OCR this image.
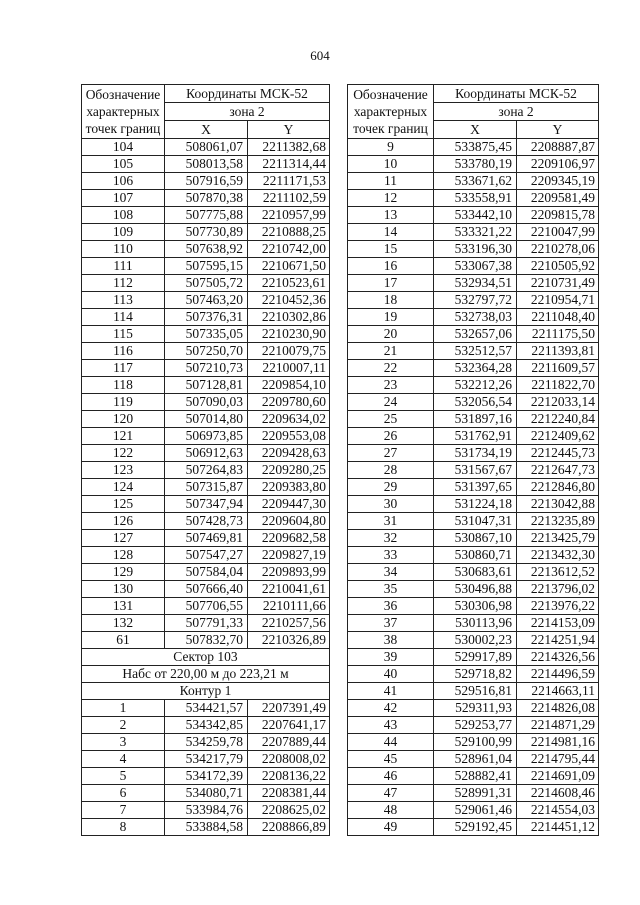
604
Обозначение
характерных
точек границ	Координаты МСК-52	
	зона 2	
	X	Y
104	508061,07	2211382,68
105	508013,58	2211314,44
106	507916,59	2211171,53
107	507870,38	2211102,59
108	507775,88	2210957,99
109	507730,89	2210888,25
110	507638,92	2210742,00
111	507595,15	2210671,50
112	507505,72	2210523,61
113	507463,20	2210452,36
114	507376,31	2210302,86
115	507335,05	2210230,90
116	507250,70	2210079,75
117	507210,73	2210007,11
118	507128,81	2209854,10
119	507090,03	2209780,60
120	507014,80	2209634,02
121	506973,85	2209553,08
122	506912,63	2209428,63
123	507264,83	2209280,25
124	507315,87	2209383,80
125	507347,94	2209447,30
126	507428,73	2209604,80
127	507469,81	2209682,58
128	507547,27	2209827,19
129	507584,04	2209893,99
130	507666,40	2210041,61
131	507706,55	2210111,66
132	507791,33	2210257,56
61	507832,70	2210326,89
Сектор 103		
Набс от 220,00 м до 223,21 м		
Контур 1		
1	534421,57	2207391,49
2	534342,85	2207641,17
3	534259,78	2207889,44
4	534217,79	2208008,02
5	534172,39	2208136,22
6	534080,71	2208381,44
7	533984,76	2208625,02
8	533884,58	2208866,89
Обозначение
характерных
точек границ	Координаты МСК-52	
	зона 2	
	X	Y
9	533875,45	2208887,87
10	533780,19	2209106,97
11	533671,62	2209345,19
12	533558,91	2209581,49
13	533442,10	2209815,78
14	533321,22	2210047,99
15	533196,30	2210278,06
16	533067,38	2210505,92
17	532934,51	2210731,49
18	532797,72	2210954,71
19	532738,03	2211048,40
20	532657,06	2211175,50
21	532512,57	2211393,81
22	532364,28	2211609,57
23	532212,26	2211822,70
24	532056,54	2212033,14
25	531897,16	2212240,84
26	531762,91	2212409,62
27	531734,19	2212445,73
28	531567,67	2212647,73
29	531397,65	2212846,80
30	531224,18	2213042,88
31	531047,31	2213235,89
32	530867,10	2213425,79
33	530860,71	2213432,30
34	530683,61	2213612,52
35	530496,88	2213796,02
36	530306,98	2213976,22
37	530113,96	2214153,09
38	530002,23	2214251,94
39	529917,89	2214326,56
40	529718,82	2214496,59
41	529516,81	2214663,11
42	529311,93	2214826,08
43	529253,77	2214871,29
44	529100,99	2214981,16
45	528961,04	2214795,44
46	528882,41	2214691,09
47	528991,31	2214608,46
48	529061,46	2214554,03
49	529192,45	2214451,12
